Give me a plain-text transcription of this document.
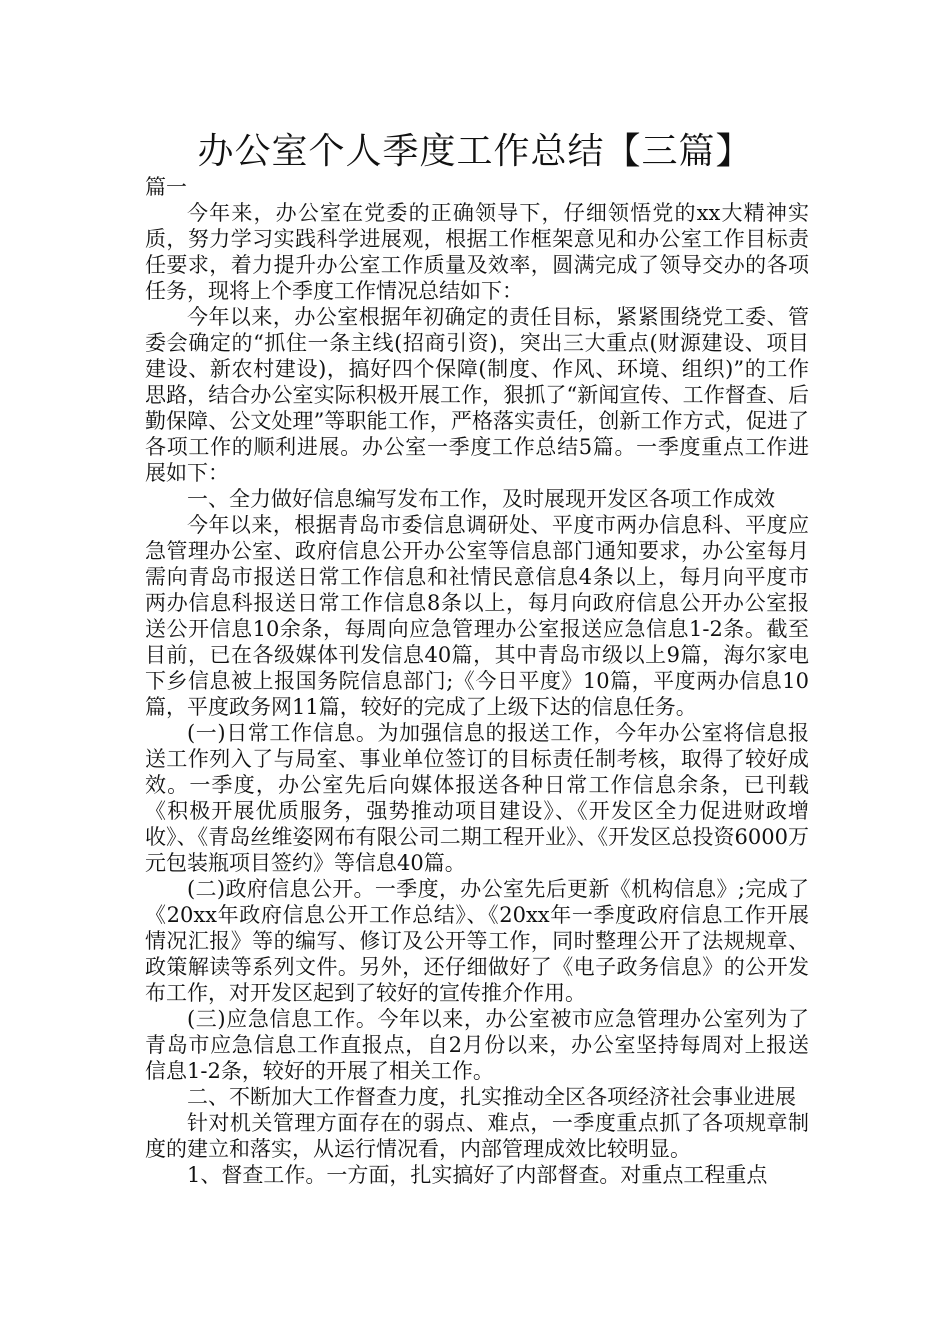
办公室个人季度工作总结【三篇】

篇一

今年来，办公室在党委的正确领导下，仔细领悟党的xx大精神实质，努力学习实践科学进展观，根据工作框架意见和办公室工作目标责任要求，着力提升办公室工作质量及效率，圆满完成了领导交办的各项任务，现将上个季度工作情况总结如下：

今年以来，办公室根据年初确定的责任目标，紧紧围绕党工委、管委会确定的“抓住一条主线(招商引资)，突出三大重点(财源建设、项目建设、新农村建设)，搞好四个保障(制度、作风、环境、组织)”的工作思路，结合办公室实际积极开展工作，狠抓了“新闻宣传、工作督查、后勤保障、公文处理”等职能工作，严格落实责任，创新工作方式，促进了各项工作的顺利进展。办公室一季度工作总结5篇。一季度重点工作进展如下：

一、全力做好信息编写发布工作，及时展现开发区各项工作成效

今年以来，根据青岛市委信息调研处、平度市两办信息科、平度应急管理办公室、政府信息公开办公室等信息部门通知要求，办公室每月需向青岛市报送日常工作信息和社情民意信息4条以上，每月向平度市两办信息科报送日常工作信息8条以上，每月向政府信息公开办公室报送公开信息10余条，每周向应急管理办公室报送应急信息1-2条。截至目前，已在各级媒体刊发信息40篇，其中青岛市级以上9篇，海尔家电下乡信息被上报国务院信息部门;《今日平度》10篇，平度两办信息10篇，平度政务网11篇，较好的完成了上级下达的信息任务。

(一)日常工作信息。为加强信息的报送工作，今年办公室将信息报送工作列入了与局室、事业单位签订的目标责任制考核，取得了较好成效。一季度，办公室先后向媒体报送各种日常工作信息余条，已刊载《积极开展优质服务，强势推动项目建设》、《开发区全力促进财政增收》、《青岛丝维姿网布有限公司二期工程开业》、《开发区总投资6000万元包装瓶项目签约》等信息40篇。

(二)政府信息公开。一季度，办公室先后更新《机构信息》;完成了《20xx年政府信息公开工作总结》、《20xx年一季度政府信息工作开展情况汇报》等的编写、修订及公开等工作，同时整理公开了法规规章、政策解读等系列文件。另外，还仔细做好了《电子政务信息》的公开发布工作，对开发区起到了较好的宣传推介作用。

(三)应急信息工作。今年以来，办公室被市应急管理办公室列为了青岛市应急信息工作直报点，自2月份以来，办公室坚持每周对上报送信息1-2条，较好的开展了相关工作。

二、不断加大工作督查力度，扎实推动全区各项经济社会事业进展

针对机关管理方面存在的弱点、难点，一季度重点抓了各项规章制度的建立和落实，从运行情况看，内部管理成效比较明显。

1、督查工作。一方面，扎实搞好了内部督查。对重点工程重点
